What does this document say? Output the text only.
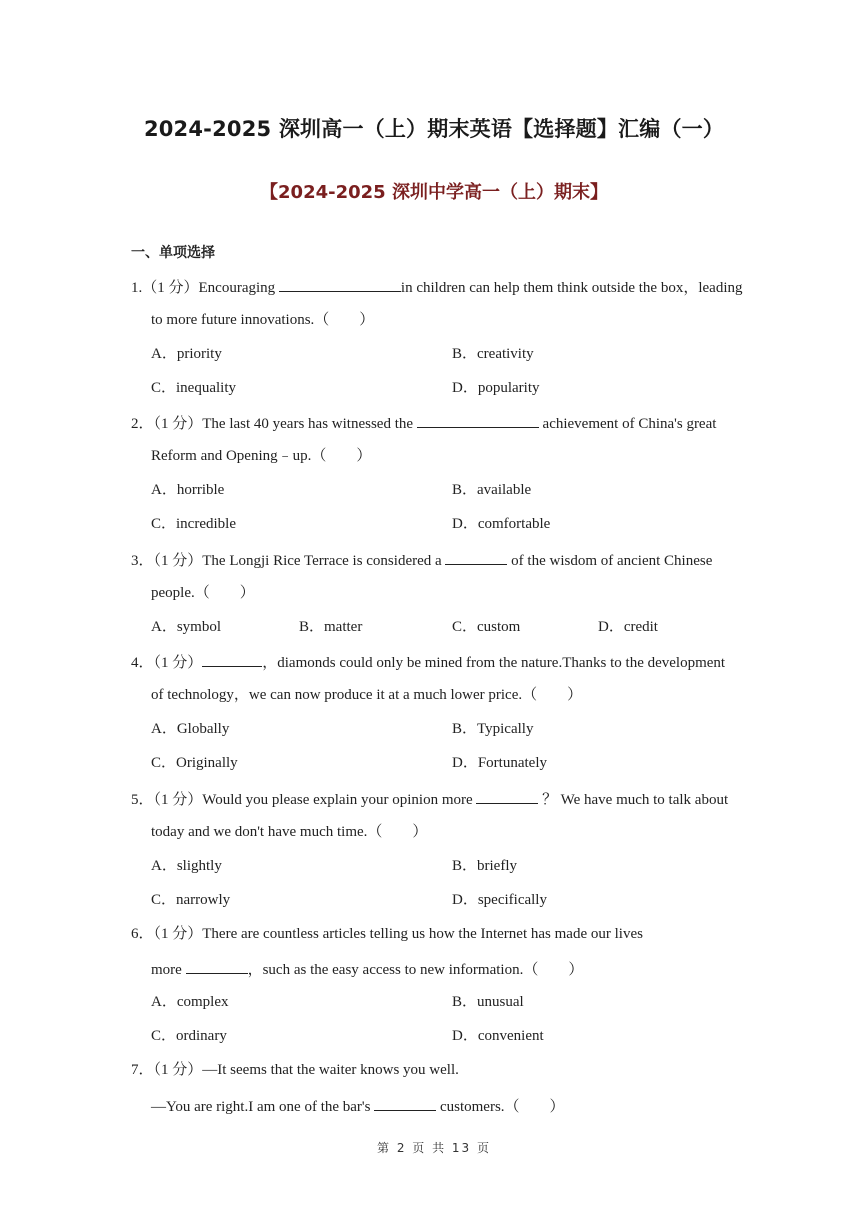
2024-2025 深圳高一（上）期末英语【选择题】汇编（一）
【2024-2025 深圳中学高一（上）期末】
一、单项选择
1.（1 分）Encouraging	in children can help them think outside the box，leading
to more future innovations.（　　）
A．priority	B．creativity
C．inequality	D．popularity
2．（1 分）The last 40 years has witnessed the	achievement of China's great
Reform and Opening﹣up.（　　）
A．horrible	B．available
C．incredible	D．comfortable
3．（1 分）The Longji Rice Terrace is considered a	of the wisdom of ancient Chinese
people.（　　）
A．symbol	B．matter	C．custom	D．credit
4．（1 分）	，diamonds could only be mined from the nature.Thanks to the development
of technology，we can now produce it at a much lower price.（　　）
A．Globally	B．Typically
C．Originally	D．Fortunately
5．（1 分）Would you please explain your opinion more	？ We have much to talk about
today and we don't have much time.（　　）
A．slightly	B．briefly
C．narrowly	D．specifically
6．（1 分）There are countless articles telling us how the Internet has made our lives
more	，such as the easy access to new information.（　　）
A．complex	B．unusual
C．ordinary	D．convenient
7．（1 分）—It seems that the waiter knows you well.
—You are right.I am one of the bar's	customers.（　　）
第 2 页 共 13 页
